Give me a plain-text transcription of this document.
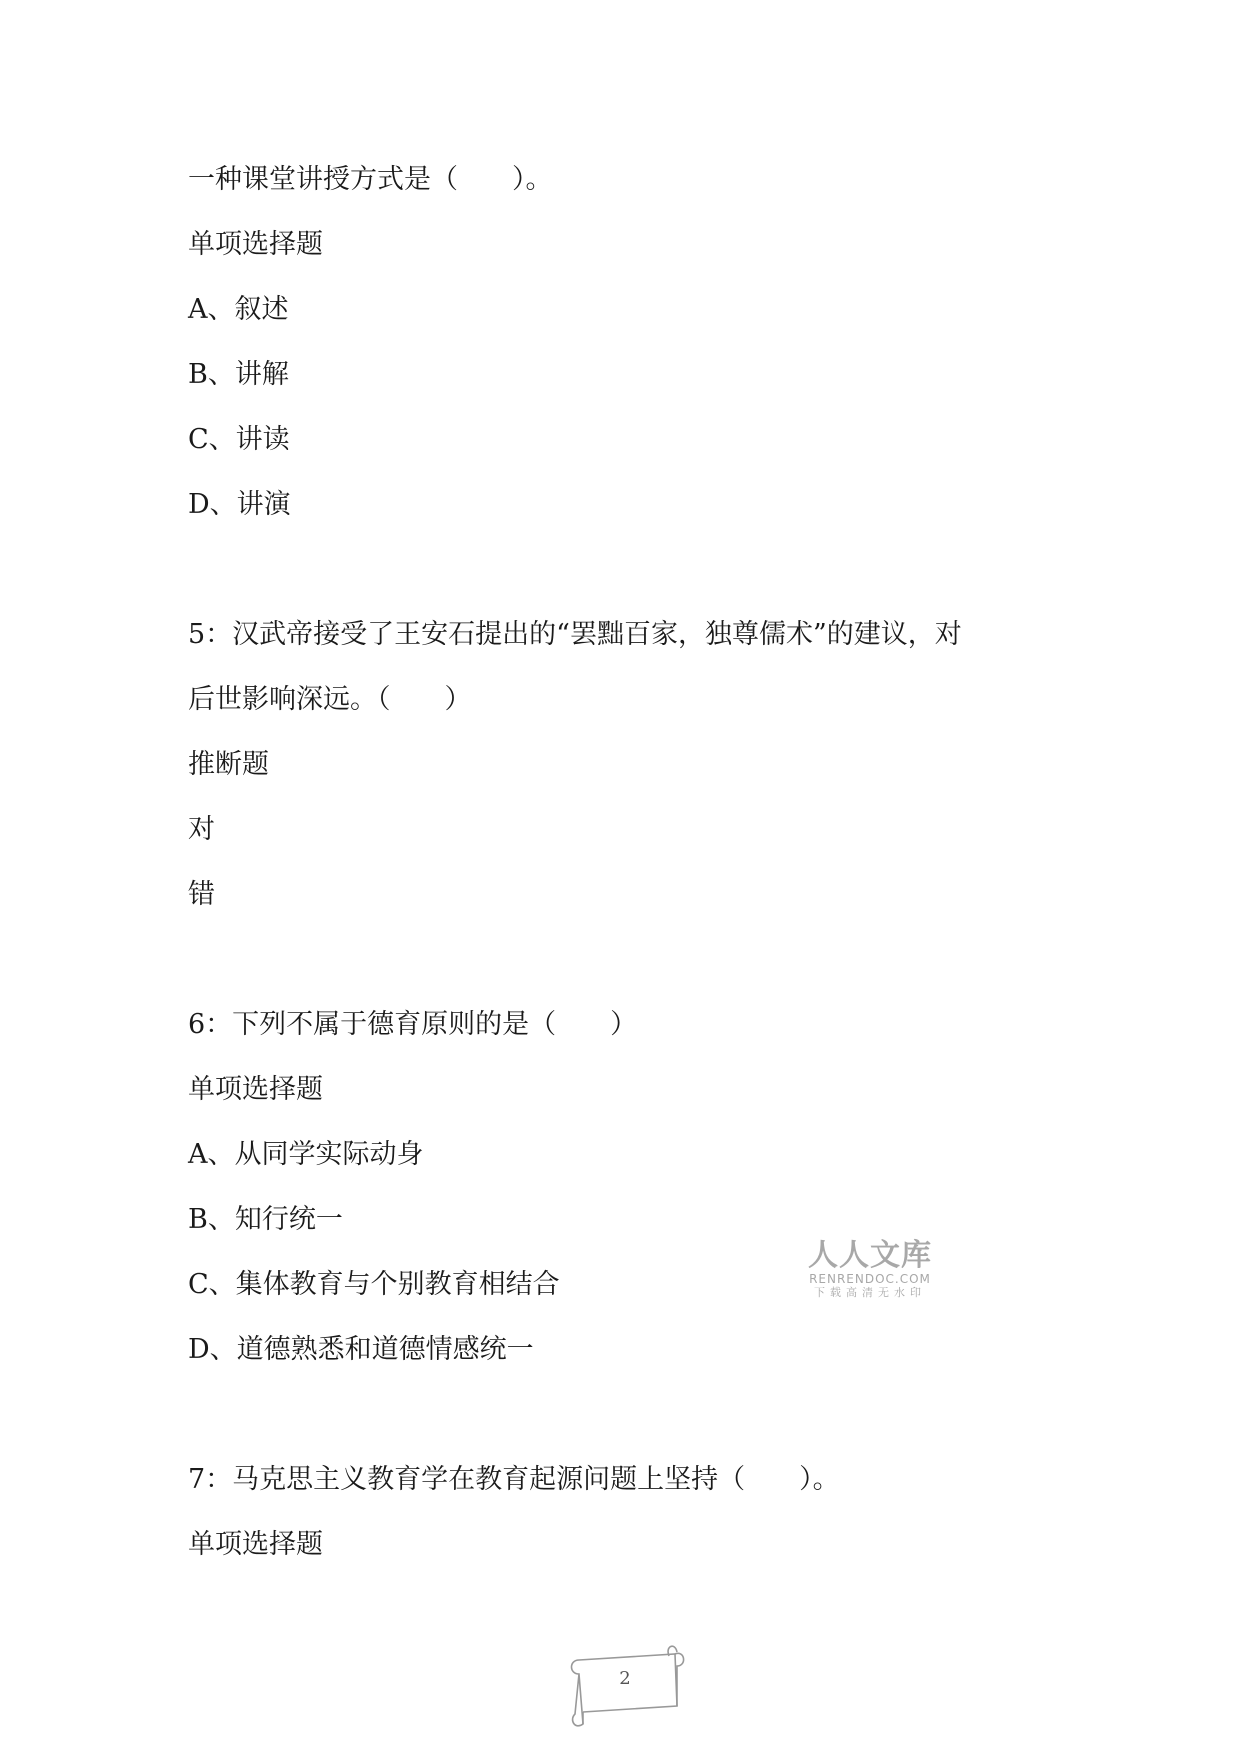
一种课堂讲授方式是（　　）。
单项选择题
A、叙述
B、讲解
C、讲读
D、讲演
5：汉武帝接受了王安石提出的“罢黜百家，独尊儒术”的建议，对
后世影响深远。（　　）
推断题
对
错
6：下列不属于德育原则的是（　　）
单项选择题
A、从同学实际动身
B、知行统一
C、集体教育与个别教育相结合
D、道德熟悉和道德情感统一
7：马克思主义教育学在教育起源问题上坚持（　　）。
单项选择题
人人文库
RENRENDOC.COM
下载高清无水印
2
